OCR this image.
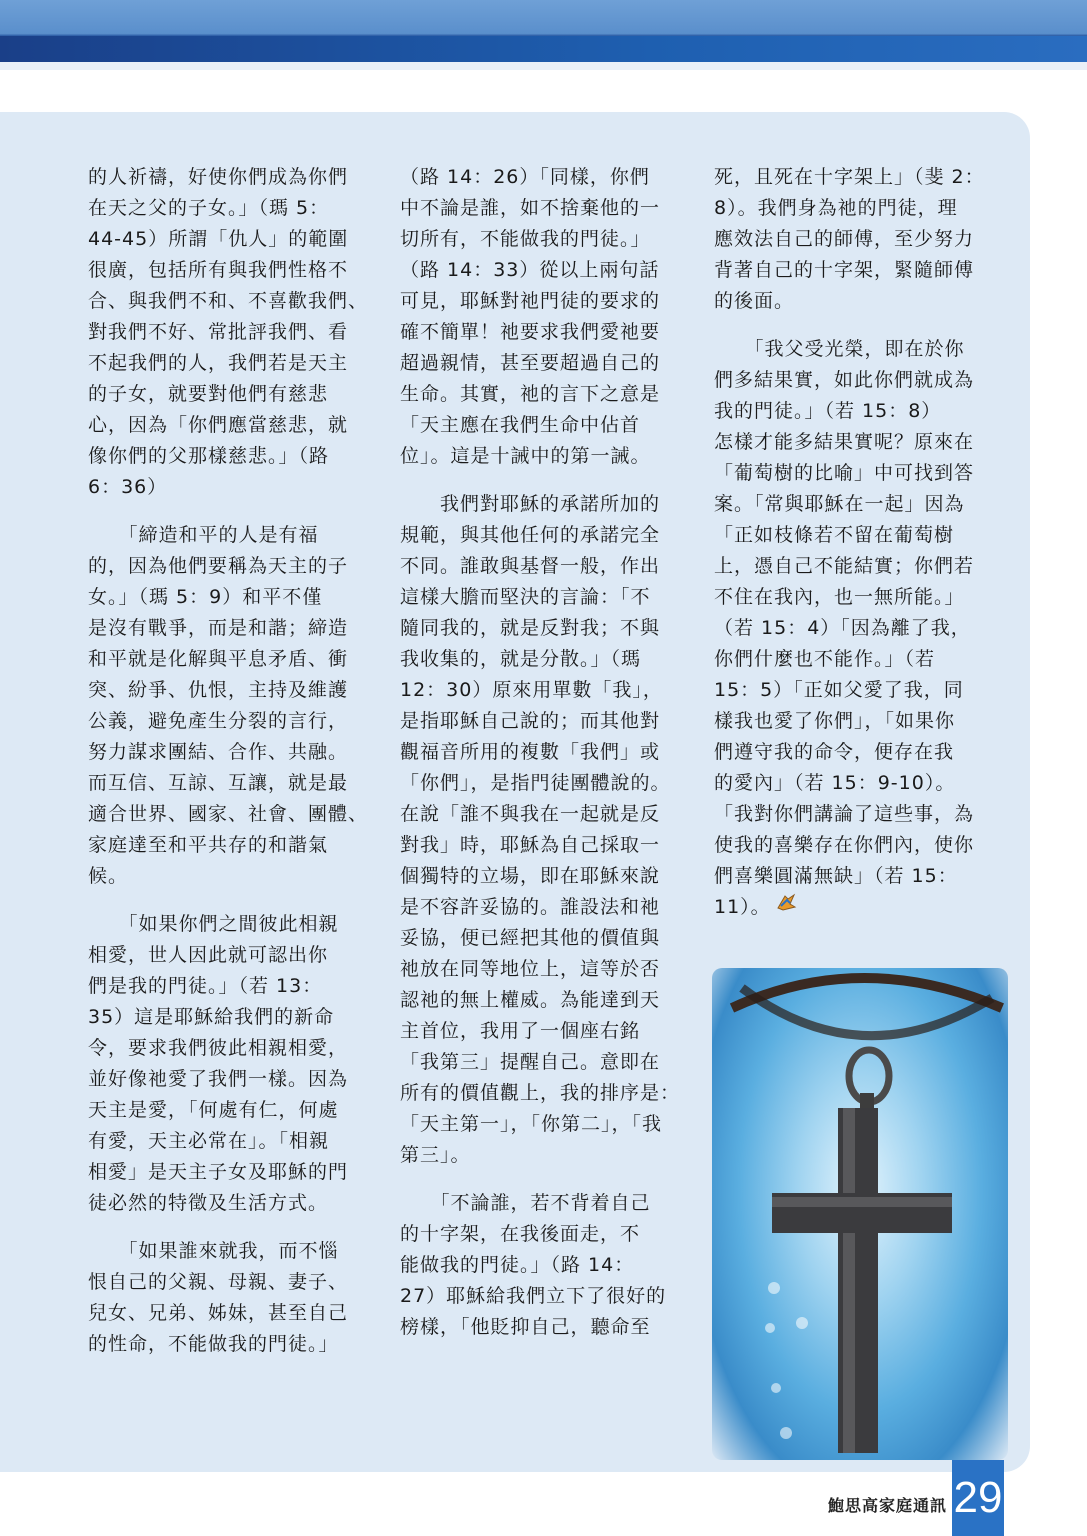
的人祈禱，好使你們成為你們
在天之父的子女。」（瑪 5：
44-45）所謂「仇人」的範圍
很廣，包括所有與我們性格不
合、與我們不和、不喜歡我們、
對我們不好、常批評我們、看
不起我們的人，我們若是天主
的子女，就要對他們有慈悲
心，因為「你們應當慈悲，就
像你們的父那樣慈悲。」（路
6：36）

　　「締造和平的人是有福
的，因為他們要稱為天主的子
女。」（瑪 5：9）和平不僅
是沒有戰爭，而是和諧；締造
和平就是化解與平息矛盾、衝
突、紛爭、仇恨，主持及維護
公義，避免產生分裂的言行，
努力謀求團結、合作、共融。
而互信、互諒、互讓，就是最
適合世界、國家、社會、團體、
家庭達至和平共存的和諧氣
候。

　　「如果你們之間彼此相親
相愛，世人因此就可認出你
們是我的門徒。」（若 13：
35）這是耶穌給我們的新命
令，要求我們彼此相親相愛，
並好像祂愛了我們一樣。因為
天主是愛，「何處有仁，何處
有愛，天主必常在」。「相親
相愛」是天主子女及耶穌的門
徒必然的特徵及生活方式。

　　「如果誰來就我，而不惱
恨自己的父親、母親、妻子、
兒女、兄弟、姊妹，甚至自己
的性命，不能做我的門徒。」

（路 14：26）「同樣，你們
中不論是誰，如不捨棄他的一
切所有，不能做我的門徒。」
（路 14：33）從以上兩句話
可見，耶穌對祂門徒的要求的
確不簡單！祂要求我們愛祂要
超過親情，甚至要超過自己的
生命。其實，祂的言下之意是
「天主應在我們生命中佔首
位」。這是十誡中的第一誡。

　　我們對耶穌的承諾所加的
規範，與其他任何的承諾完全
不同。誰敢與基督一般，作出
這樣大膽而堅決的言論：「不
隨同我的，就是反對我；不與
我收集的，就是分散。」（瑪
12：30）原來用單數「我」，
是指耶穌自己說的；而其他對
觀福音所用的複數「我們」或
「你們」，是指門徒團體說的。
在說「誰不與我在一起就是反
對我」時，耶穌為自己採取一
個獨特的立場，即在耶穌來說
是不容許妥協的。誰設法和祂
妥協，便已經把其他的價值與
祂放在同等地位上，這等於否
認祂的無上權威。為能達到天
主首位，我用了一個座右銘
「我第三」提醒自己。意即在
所有的價值觀上，我的排序是：
「天主第一」，「你第二」，「我
第三」。

　　「不論誰，若不背着自己
的十字架，在我後面走，不
能做我的門徒。」（路 14：
27）耶穌給我們立下了很好的
榜樣，「他貶抑自己，聽命至

死，且死在十字架上」（斐 2：
8）。我們身為祂的門徒，理
應效法自己的師傅，至少努力
背著自己的十字架，緊隨師傅
的後面。

　　「我父受光榮，即在於你
們多結果實，如此你們就成為
我的門徒。」（若 15：8）
怎樣才能多結果實呢？原來在
「葡萄樹的比喻」中可找到答
案。「常與耶穌在一起」因為
「正如枝條若不留在葡萄樹
上，憑自己不能結實；你們若
不住在我內，也一無所能。」
（若 15：4）「因為離了我，
你們什麼也不能作。」（若
15：5）「正如父愛了我，同
樣我也愛了你們」，「如果你
們遵守我的命令，便存在我
的愛內」（若 15：9-10）。
「我對你們講論了這些事，為
使我的喜樂存在你們內，使你
們喜樂圓滿無缺」（若 15：
11）。

鮑思高家庭通訊 29
